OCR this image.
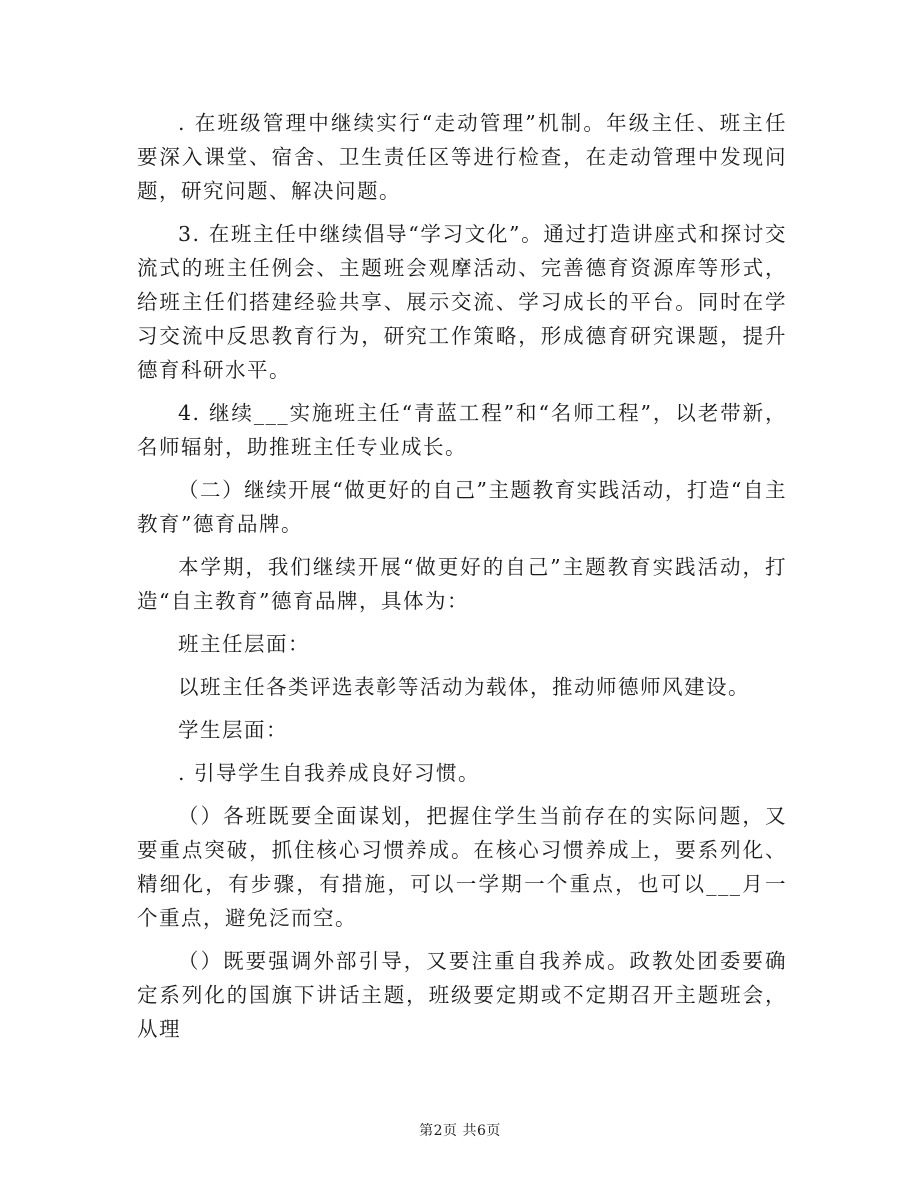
. 在班级管理中继续实行“走动管理”机制。年级主任、班主任要深入课堂、宿舍、卫生责任区等进行检查，在走动管理中发现问题，研究问题、解决问题。

3. 在班主任中继续倡导“学习文化”。通过打造讲座式和探讨交流式的班主任例会、主题班会观摩活动、完善德育资源库等形式，给班主任们搭建经验共享、展示交流、学习成长的平台。同时在学习交流中反思教育行为，研究工作策略，形成德育研究课题，提升德育科研水平。

4. 继续___实施班主任“青蓝工程”和“名师工程”，以老带新，名师辐射，助推班主任专业成长。

（二）继续开展“做更好的自己”主题教育实践活动，打造“自主教育”德育品牌。

本学期，我们继续开展“做更好的自己”主题教育实践活动，打造“自主教育”德育品牌，具体为：

班主任层面：

以班主任各类评选表彰等活动为载体，推动师德师风建设。

学生层面：

. 引导学生自我养成良好习惯。

（）各班既要全面谋划，把握住学生当前存在的实际问题，又要重点突破，抓住核心习惯养成。在核心习惯养成上，要系列化、精细化，有步骤，有措施，可以一学期一个重点，也可以___月一个重点，避免泛而空。

（）既要强调外部引导，又要注重自我养成。政教处团委要确定系列化的国旗下讲话主题，班级要定期或不定期召开主题班会，从理

第2页 共6页
